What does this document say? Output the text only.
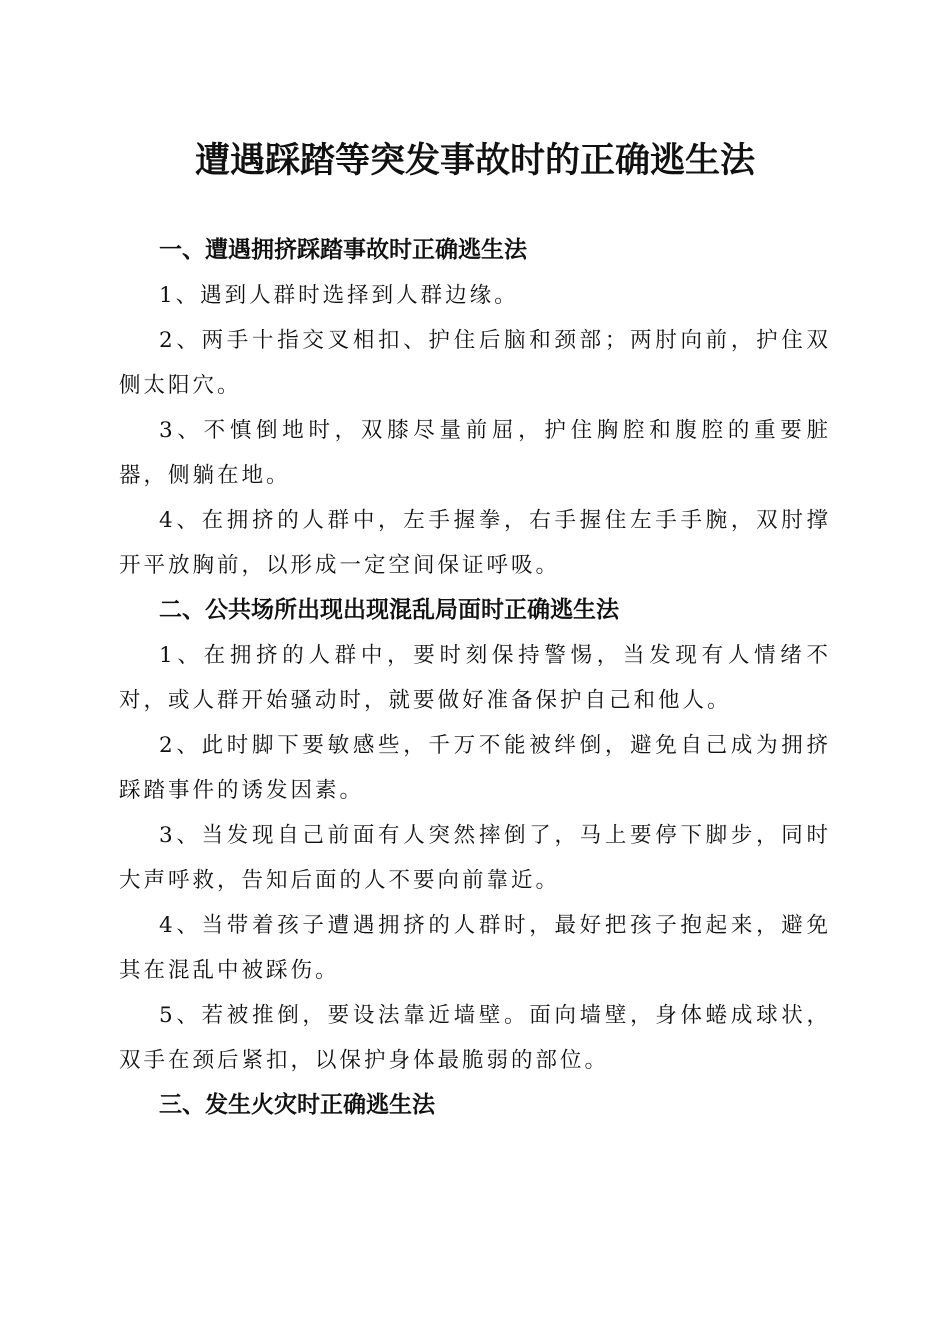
遭遇踩踏等突发事故时的正确逃生法

一、遭遇拥挤踩踏事故时正确逃生法

1、遇到人群时选择到人群边缘。

2、两手十指交叉相扣、护住后脑和颈部；两肘向前，护住双侧太阳穴。

3、不慎倒地时，双膝尽量前屈，护住胸腔和腹腔的重要脏器，侧躺在地。

4、在拥挤的人群中，左手握拳，右手握住左手手腕，双肘撑开平放胸前，以形成一定空间保证呼吸。

二、公共场所出现出现混乱局面时正确逃生法

1、在拥挤的人群中，要时刻保持警惕，当发现有人情绪不对，或人群开始骚动时，就要做好准备保护自己和他人。

2、此时脚下要敏感些，千万不能被绊倒，避免自己成为拥挤踩踏事件的诱发因素。

3、当发现自己前面有人突然摔倒了，马上要停下脚步，同时大声呼救，告知后面的人不要向前靠近。

4、当带着孩子遭遇拥挤的人群时，最好把孩子抱起来，避免其在混乱中被踩伤。

5、若被推倒，要设法靠近墙壁。面向墙壁，身体蜷成球状，双手在颈后紧扣，以保护身体最脆弱的部位。

三、发生火灾时正确逃生法
